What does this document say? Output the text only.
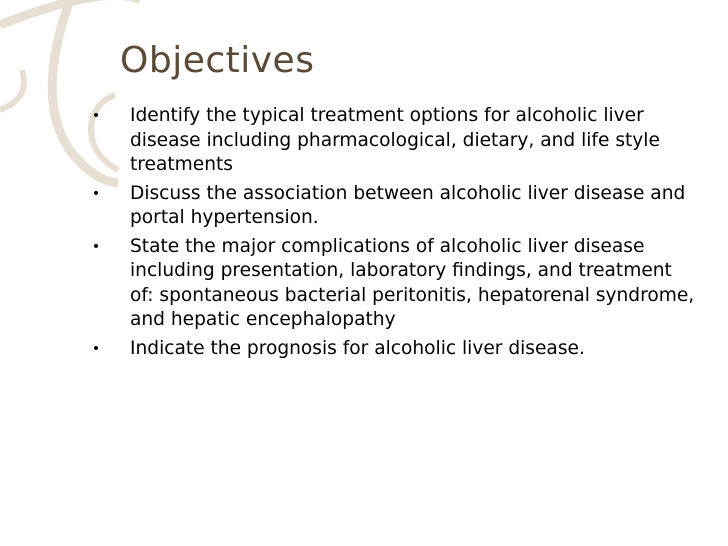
Objectives
• Identify the typical treatment options for alcoholic liver disease including pharmacological, dietary, and life style treatments
• Discuss the association between alcoholic liver disease and portal hypertension.
• State the major complications of alcoholic liver disease including presentation, laboratory findings, and treatment of: spontaneous bacterial peritonitis, hepatorenal syndrome, and hepatic encephalopathy
• Indicate the prognosis for alcoholic liver disease.
